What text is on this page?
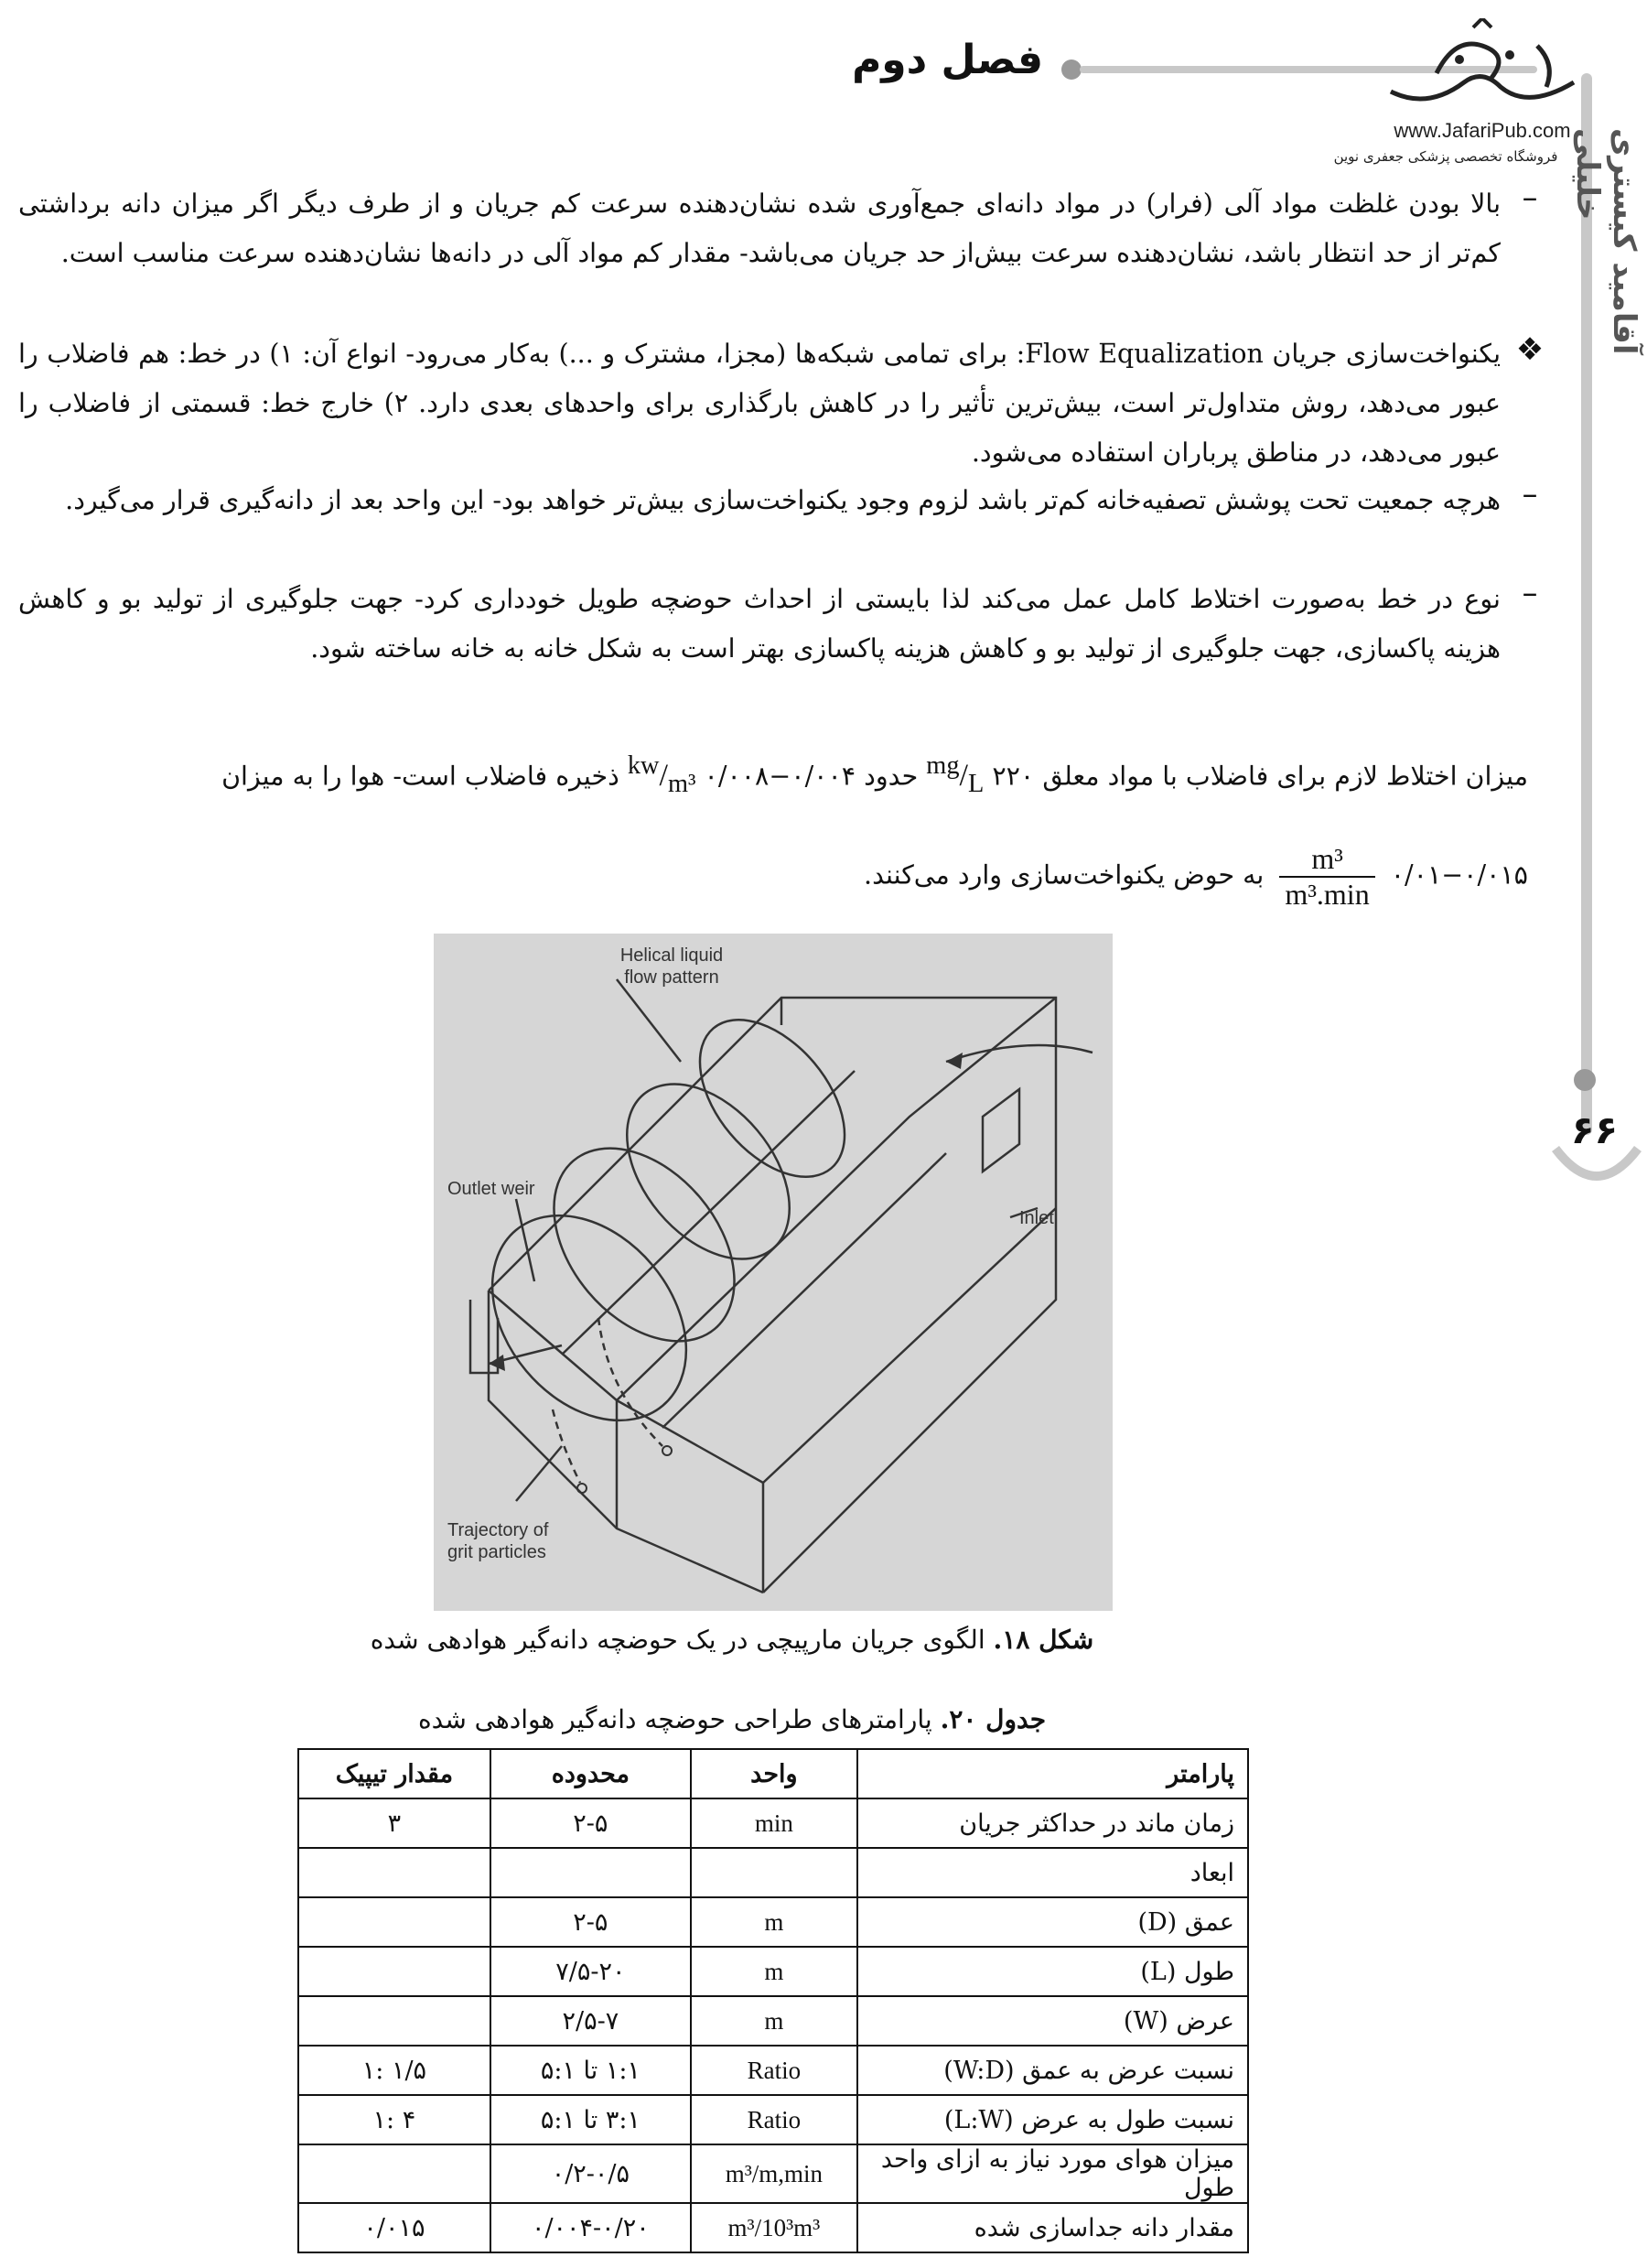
فصل دوم
www.JafariPub.com
فروشگاه تخصصی پزشکی جعفری نوین	آقامید کیستری خلیلی
۶۶
–
بالا بودن غلظت مواد آلی (فرار) در مواد دانه‌ای جمع‌آوری شده نشان‌دهنده سرعت کم جریان و از طرف دیگر اگر میزان دانه برداشتی کم‌تر از حد انتظار باشد، نشان‌دهنده سرعت بیش‌از حد جریان می‌باشد- مقدار کم مواد آلی در دانه‌ها نشان‌دهنده سرعت مناسب است.
❖
یکنواخت‌سازی جریان Flow Equalization: برای تمامی شبکه‌ها (مجزا، مشترک و ...) به‌کار می‌رود- انواع آن: ۱) در خط: هم فاضلاب را عبور می‌دهد، روش متداول‌تر است، بیش‌ترین تأثیر را در کاهش بارگذاری برای واحدهای بعدی دارد. ۲) خارج خط: قسمتی از فاضلاب را عبور می‌دهد، در مناطق پرباران استفاده می‌شود.
–
هرچه جمعیت تحت پوشش تصفیه‌خانه کم‌تر باشد لزوم وجود یکنواخت‌سازی بیش‌تر خواهد بود- این واحد بعد از دانه‌گیری قرار می‌گیرد.
–
نوع در خط به‌صورت اختلاط کامل عمل می‌کند لذا بایستی از احداث حوضچه طویل خودداری کرد- جهت جلوگیری از تولید بو و کاهش هزینه پاکسازی، جهت جلوگیری از تولید بو و کاهش هزینه پاکسازی بهتر است به شکل خانه به خانه ساخته شود.
میزان اختلاط لازم برای فاضلاب با مواد معلق ۲۲۰ $^{mg}/_L$ حدود ۰/۰۰۴−۰/۰۰۸ $^{kw}/_{m^3}$ ذخیره فاضلاب است- هوا را به میزان
۰/۰۱−۰/۰۱۵
m³
m³.min
به حوض یکنواخت‌سازی وارد می‌کنند.
Helical liquid
flow pattern
Outlet weir
Inlet
Trajectory of
grit particles
شکل ۱۸. الگوی جریان مارپیچی در یک حوضچه دانه‌گیر هوادهی شده
جدول ۲۰. پارامترهای طراحی حوضچه دانه‌گیر هوادهی شده
پارامتر	واحد	محدوده	مقدار تیپیک
زمان ماند در حداکثر جریان	min	۲-۵	۳
ابعاد			
عمق (D)	m	۲-۵	
طول (L)	m	۷/۵-۲۰	
عرض (W)	m	۲/۵-۷	
نسبت عرض به عمق (W:D)	Ratio	۱:۱ تا ۵:۱	۱/۵ :۱
نسبت طول به عرض (L:W)	Ratio	۳:۱ تا ۵:۱	۴ :۱
میزان هوای مورد نیاز به ازای واحد طول	m³/m,min	۰/۲-۰/۵	
مقدار دانه جداسازی شده	m³/10³m³	۰/۰۰۴-۰/۲۰	۰/۰۱۵
